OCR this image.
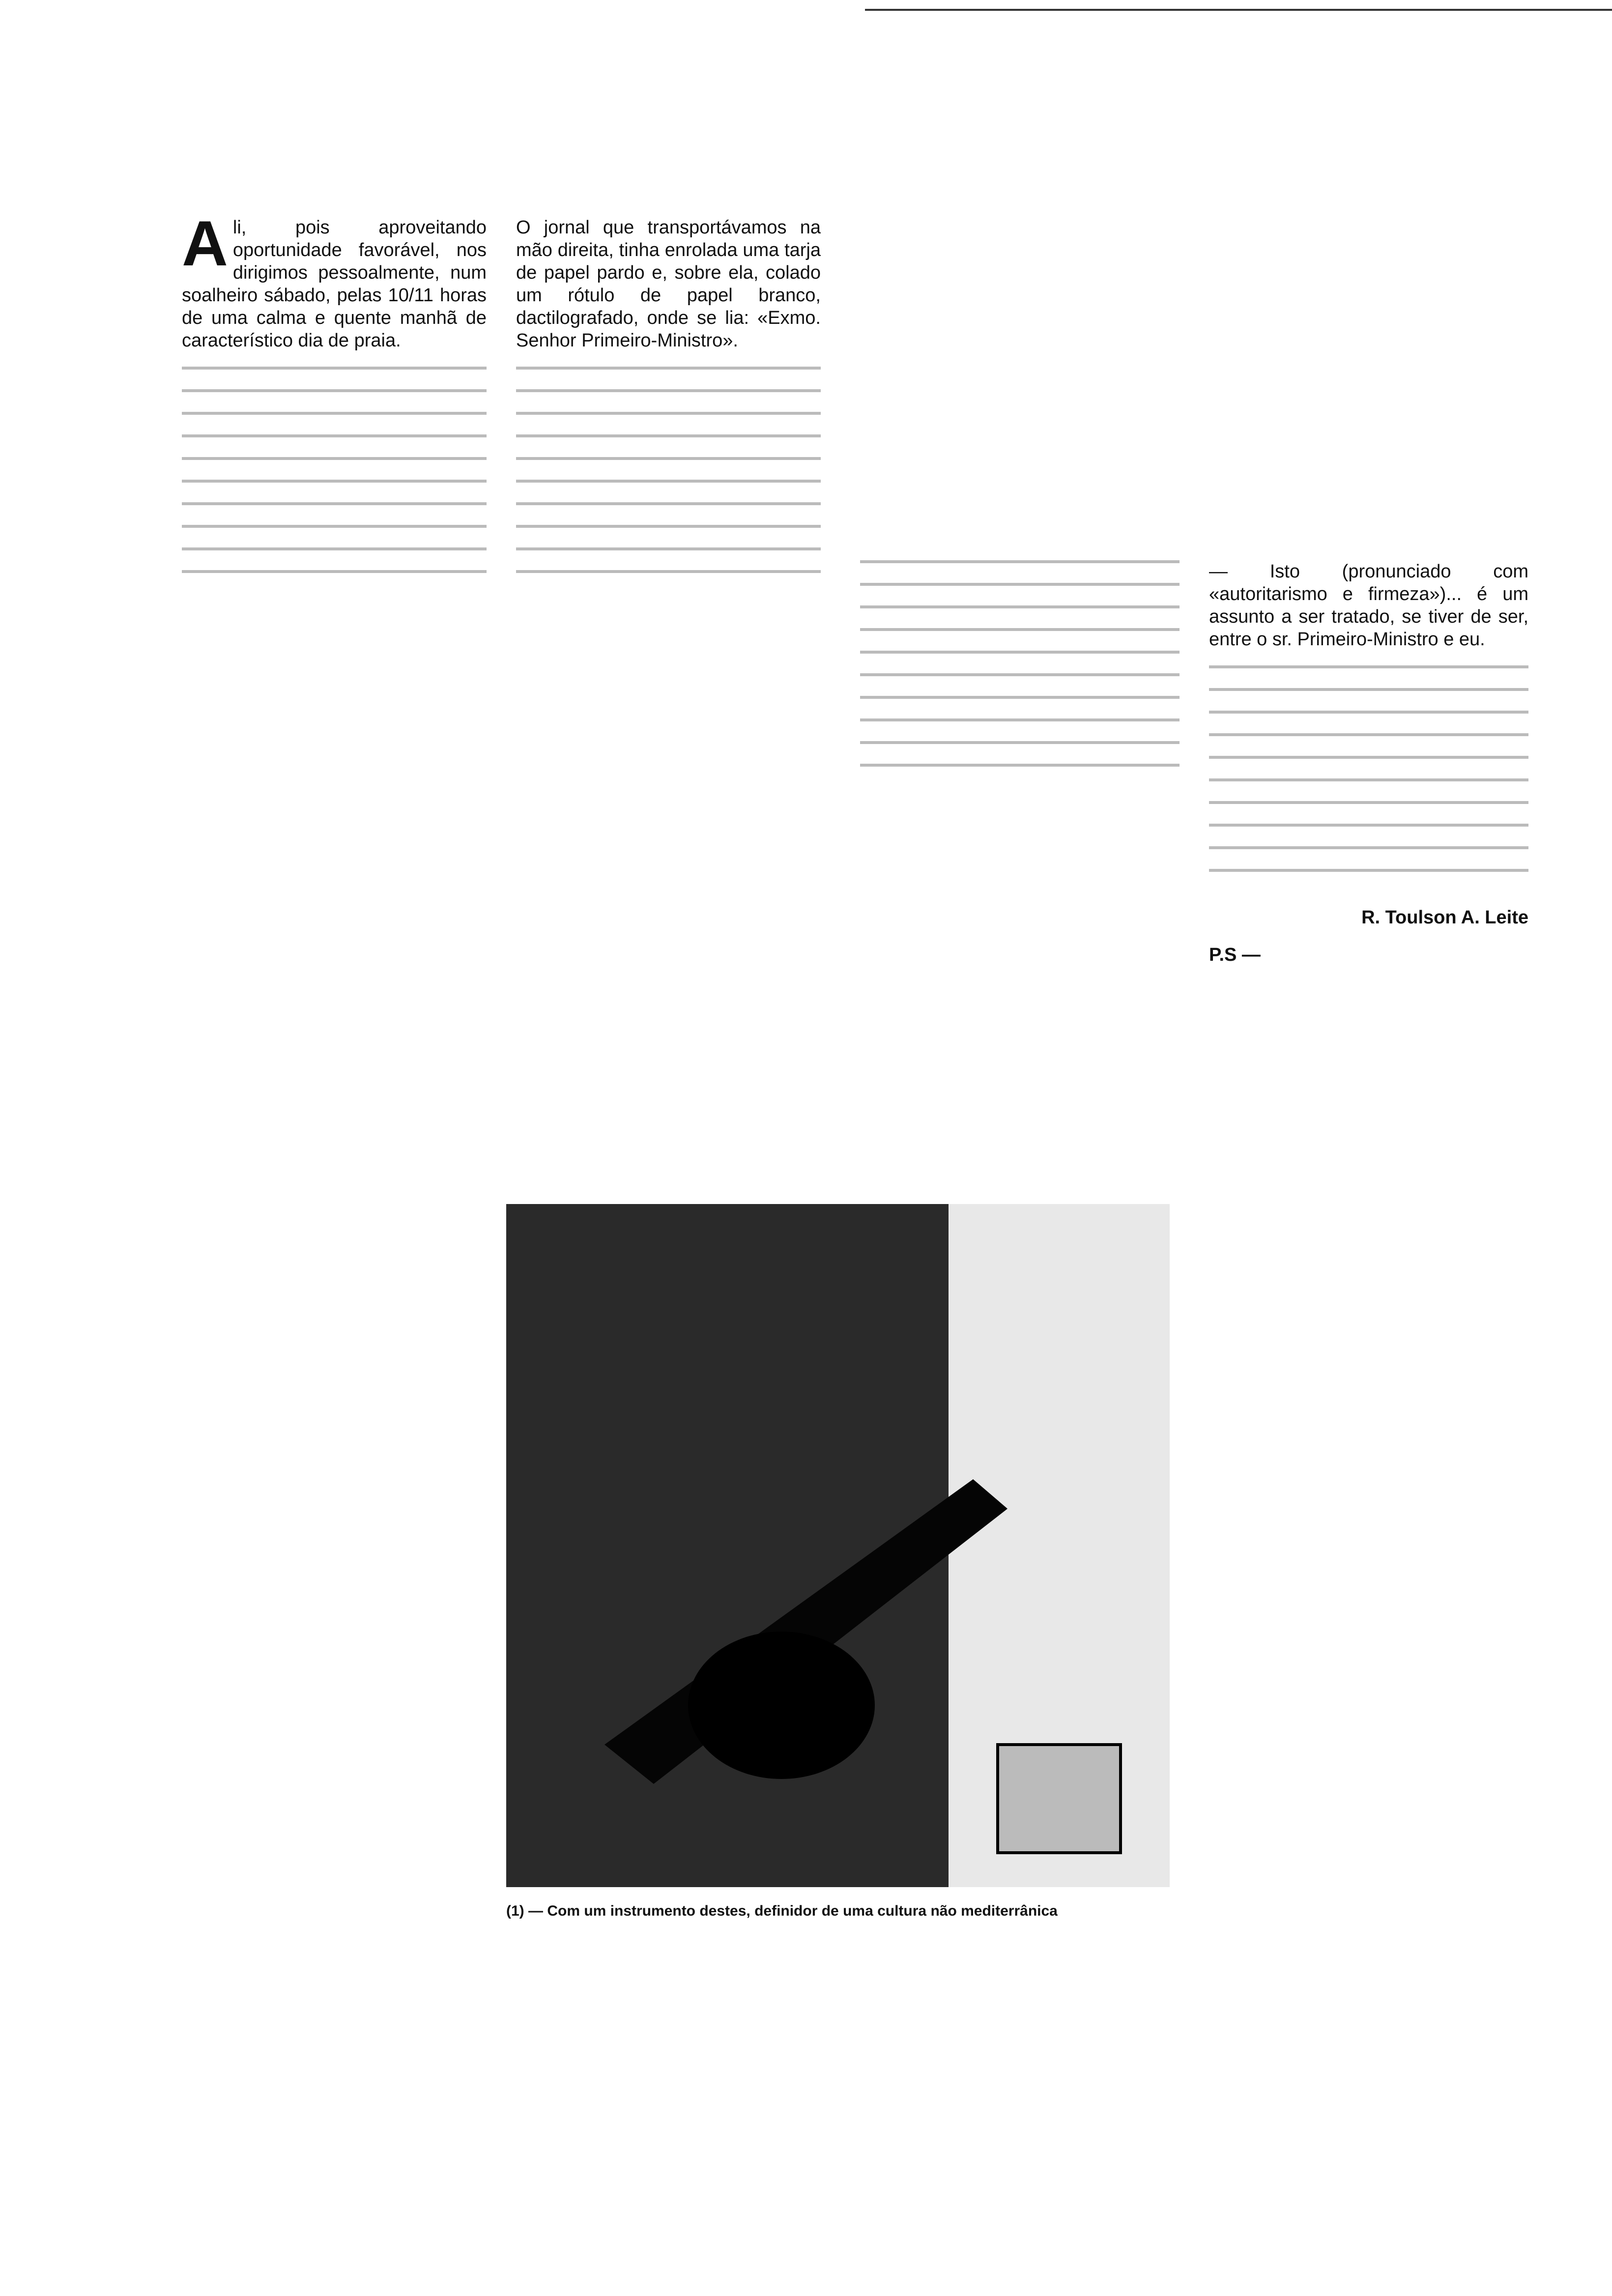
Ali, pois aproveitando oportunidade favorável, nos dirigimos pessoalmente, num soalheiro sábado, pelas 10/11 horas de uma calma e quente manhã de característico dia de praia.

O jornal que transportávamos na mão direita, tinha enrolada uma tarja de papel pardo e, sobre ela, colado um rótulo de papel branco, dactilografado, onde se lia: «Exmo. Senhor Primeiro-Ministro».

— Isto (pronunciado com «autoritarismo e firmeza»)... é um assunto a ser tratado, se tiver de ser, entre o sr. Primeiro-Ministro e eu.

R. Toulson A. Leite

P.S —

(1) — Com um instrumento destes, definidor de uma cultura não mediterrânica
